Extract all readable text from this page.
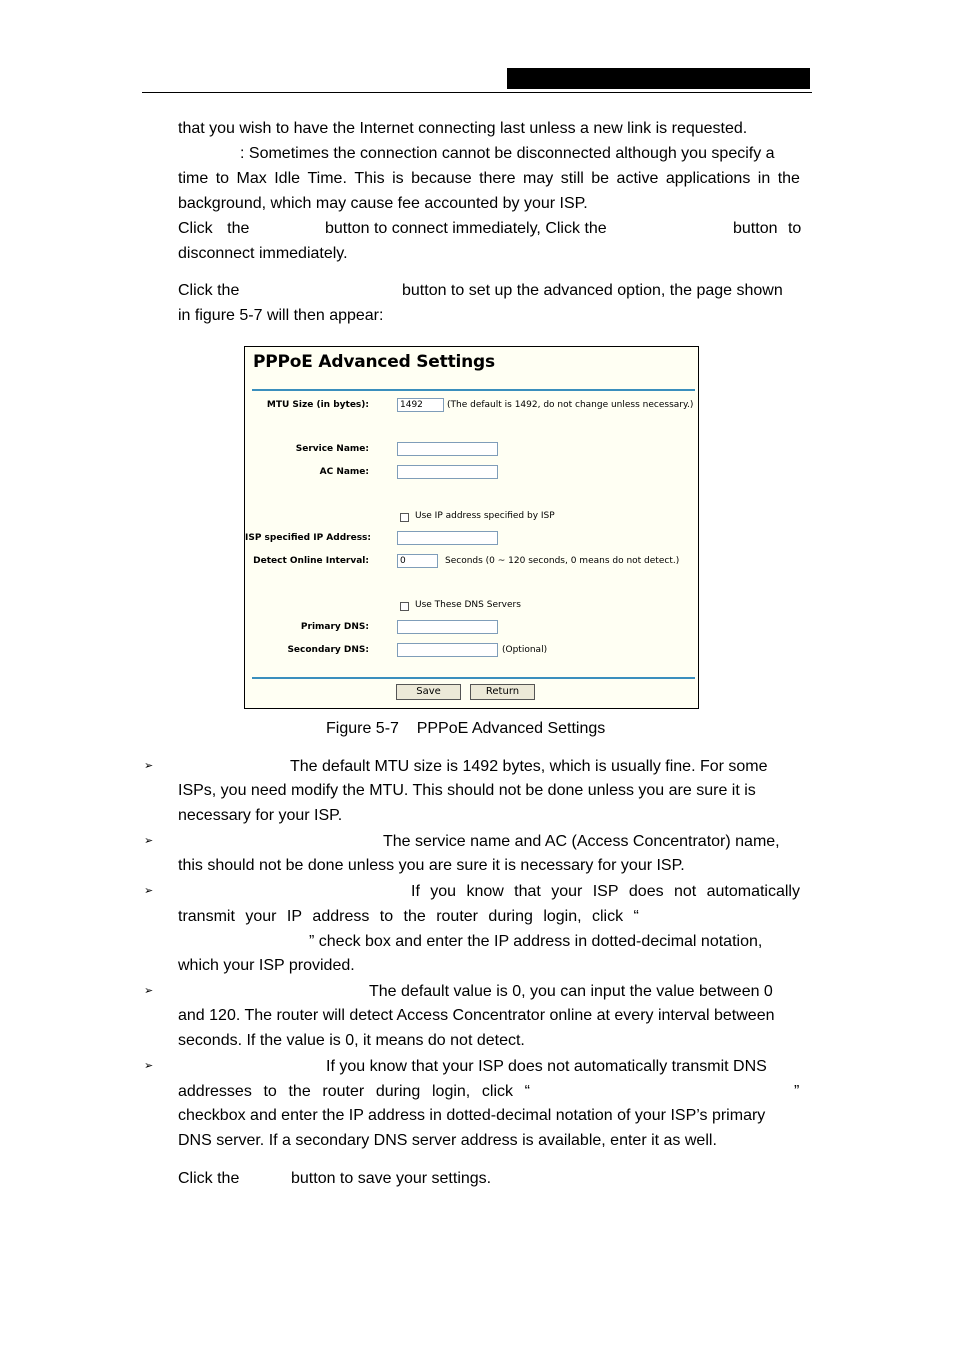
that you wish to have the Internet connecting last unless a new link is requested.
: Sometimes the connection cannot be disconnected although you specify a
time to Max Idle Time. This is because there may still be active applications in the
background, which may cause fee accounted by your ISP.
Click the	button to connect immediately, Click the	button to
disconnect immediately.
Click the	button to set up the advanced option, the page shown
in figure 5-7 will then appear:
PPPoE Advanced Settings
MTU Size (in bytes):	1492	(The default is 1492, do not change unless necessary.)
Service Name:
AC Name:
Use IP address specified by ISP
ISP specified IP Address:
Detect Online Interval:	0	Seconds (0 ~ 120 seconds, 0 means do not detect.)
Use These DNS Servers
Primary DNS:
Secondary DNS:	(Optional)
Save	Return
Figure 5-7    PPPoE Advanced Settings
➢	The default MTU size is 1492 bytes, which is usually fine. For some
ISPs, you need modify the MTU. This should not be done unless you are sure it is
necessary for your ISP.
➢	The service name and AC (Access Concentrator) name,
this should not be done unless you are sure it is necessary for your ISP.
➢	If you know that your ISP does not automatically
transmit your IP address to the router during login, click “
” check box and enter the IP address in dotted-decimal notation,
which your ISP provided.
➢	The default value is 0, you can input the value between 0
and 120. The router will detect Access Concentrator online at every interval between
seconds. If the value is 0, it means do not detect.
➢	If you know that your ISP does not automatically transmit DNS
addresses to the router during login, click “	”
checkbox and enter the IP address in dotted-decimal notation of your ISP’s primary
DNS server. If a secondary DNS server address is available, enter it as well.
Click the	button to save your settings.
